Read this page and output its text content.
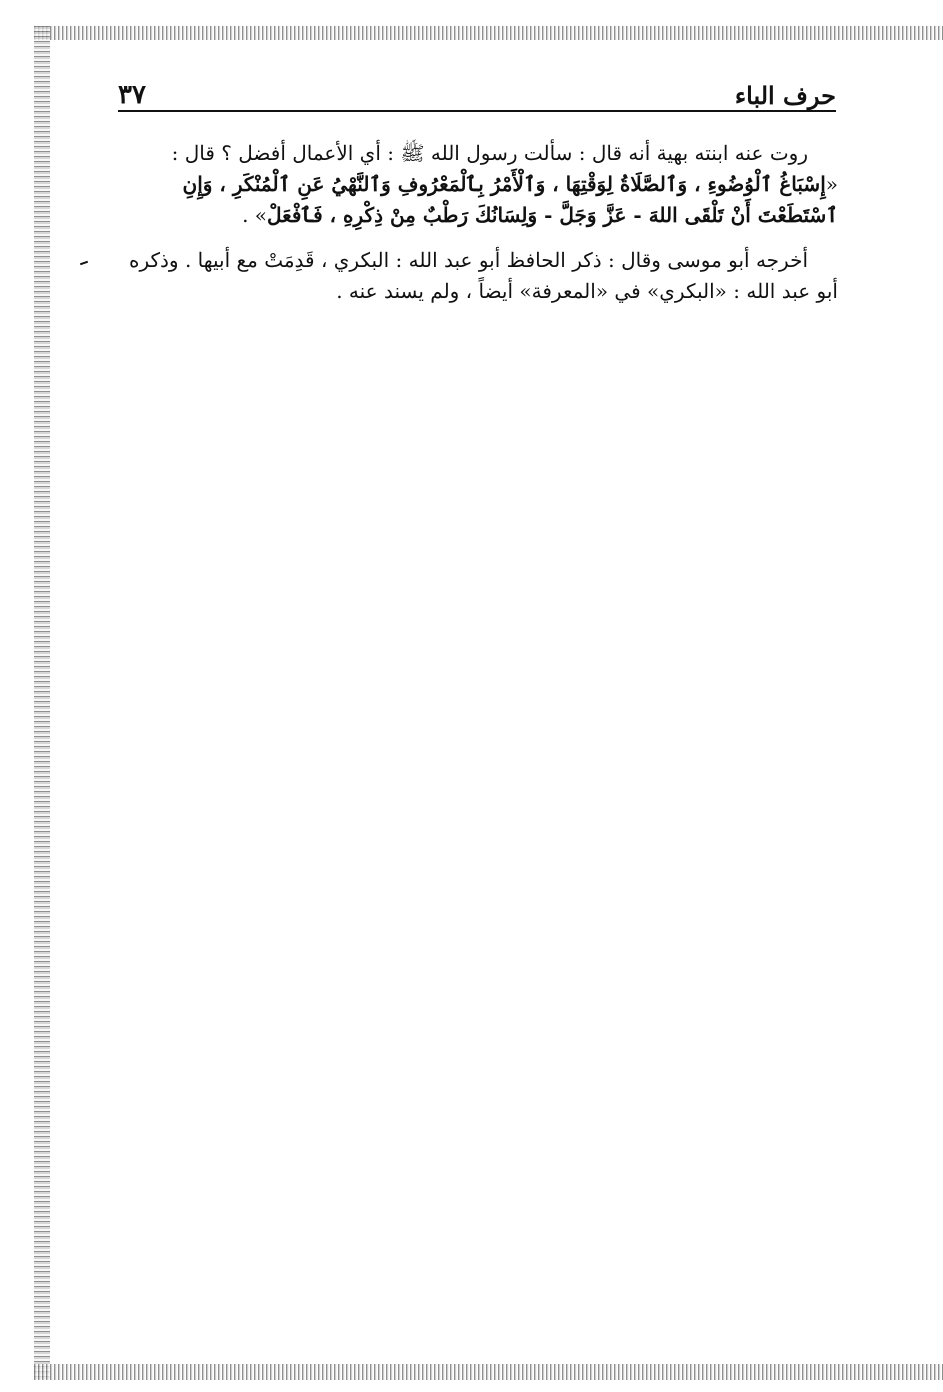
٣٧	حرف الباء

روت عنه ابنته بهية أنه قال : سألت رسول الله ﷺ : أي الأعمال أفضل ؟ قال : «إِسْبَاغُ ٱلْوُضُوءِ ، وَٱلصَّلَاةُ لِوَقْتِهَا ، وَٱلْأَمْرُ بِٱلْمَعْرُوفِ وَٱلنَّهْيُ عَنِ ٱلْمُنْكَرِ ، وَإِنِ ٱسْتَطَعْتَ أَنْ تَلْقَى اللهَ - عَزَّ وَجَلَّ - وَلِسَانُكَ رَطْبٌ مِنْ ذِكْرِهِ ، فَٱفْعَلْ» .

أخرجه أبو موسى وقال : ذكر الحافظ أبو عبد الله : البكري ، قَدِمَتْ مع أبيها . وذكره أبو عبد الله : «البكري» في «المعرفة» أيضاً ، ولم يسند عنه .
